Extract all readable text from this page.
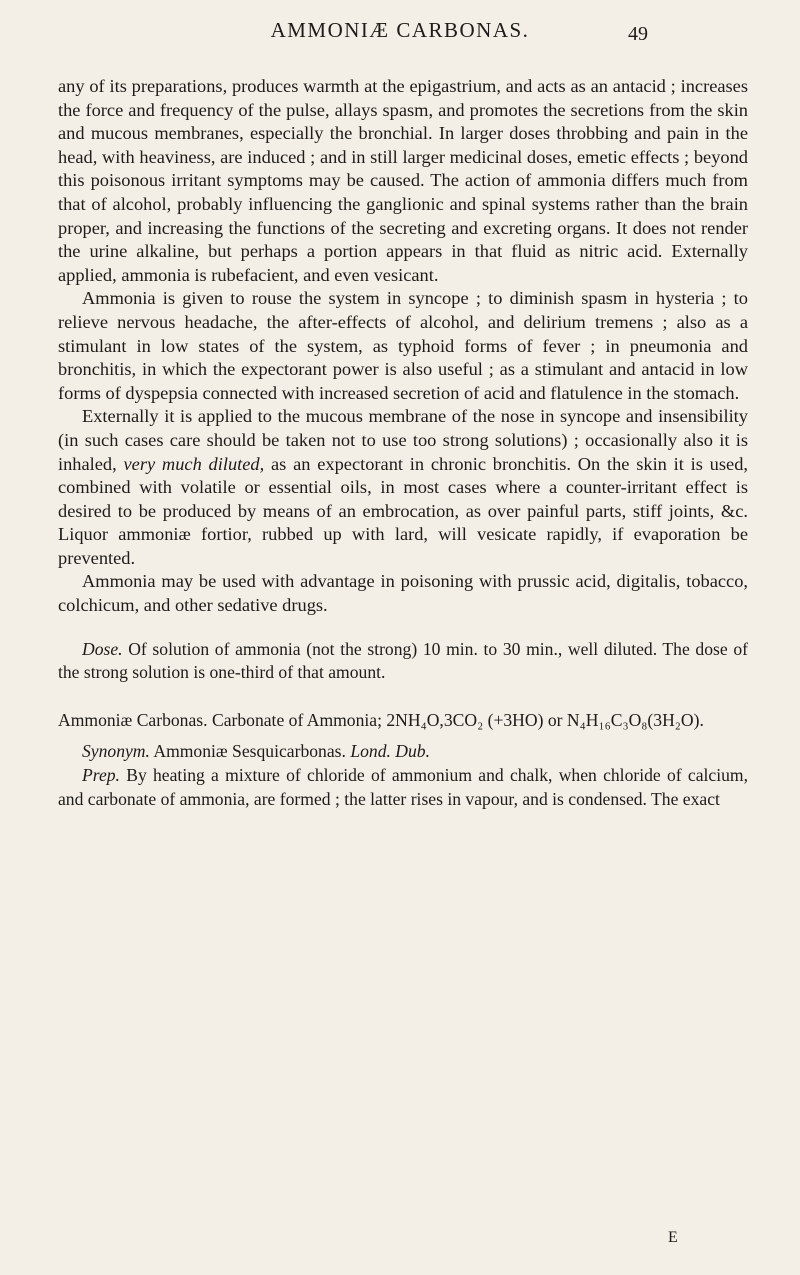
AMMONIÆ CARBONAS.	49

any of its preparations, produces warmth at the epigastrium, and acts as an antacid ; increases the force and frequency of the pulse, allays spasm, and promotes the secretions from the skin and mucous membranes, especially the bronchial. In larger doses throbbing and pain in the head, with heaviness, are induced ; and in still larger medicinal doses, emetic effects ; beyond this poisonous irritant symptoms may be caused. The action of ammonia differs much from that of alcohol, probably influencing the ganglionic and spinal systems rather than the brain proper, and increasing the functions of the secreting and excreting organs. It does not render the urine alkaline, but perhaps a portion appears in that fluid as nitric acid. Externally applied, ammonia is rubefacient, and even vesicant.

Ammonia is given to rouse the system in syncope ; to diminish spasm in hysteria ; to relieve nervous headache, the after-effects of alcohol, and delirium tremens ; also as a stimulant in low states of the system, as typhoid forms of fever ; in pneumonia and bronchitis, in which the expectorant power is also useful ; as a stimulant and antacid in low forms of dyspepsia connected with increased secretion of acid and flatulence in the stomach.

Externally it is applied to the mucous membrane of the nose in syncope and insensibility (in such cases care should be taken not to use too strong solutions) ; occasionally also it is inhaled, very much diluted, as an expectorant in chronic bronchitis. On the skin it is used, combined with volatile or essential oils, in most cases where a counter-irritant effect is desired to be produced by means of an embrocation, as over painful parts, stiff joints, &c. Liquor ammoniæ fortior, rubbed up with lard, will vesicate rapidly, if evaporation be prevented.

Ammonia may be used with advantage in poisoning with prussic acid, digitalis, tobacco, colchicum, and other sedative drugs.

Dose. Of solution of ammonia (not the strong) 10 min. to 30 min., well diluted. The dose of the strong solution is one-third of that amount.

Ammoniæ Carbonas. Carbonate of Ammonia; 2NH₄O,3CO₂ (+3HO) or N₄H₁₆C₃O₈(3H₂O).

Synonym. Ammoniæ Sesquicarbonas. Lond. Dub.

Prep. By heating a mixture of chloride of ammonium and chalk, when chloride of calcium, and carbonate of ammonia, are formed ; the latter rises in vapour, and is condensed. The exact

E
